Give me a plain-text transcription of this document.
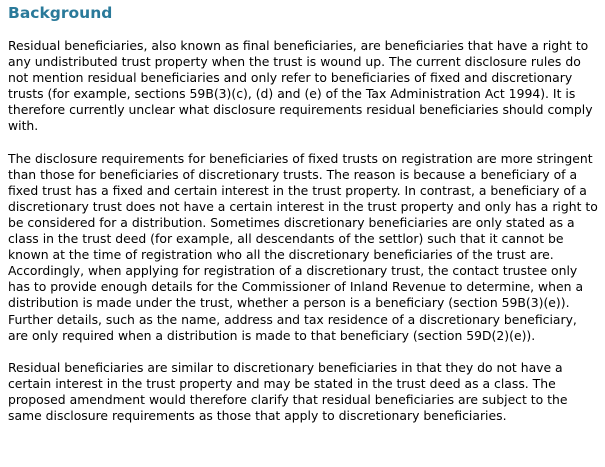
Background

Residual beneficiaries, also known as final beneficiaries, are beneficiaries that have a right to any undistributed trust property when the trust is wound up. The current disclosure rules do not mention residual beneficiaries and only refer to beneficiaries of fixed and discretionary trusts (for example, sections 59B(3)(c), (d) and (e) of the Tax Administration Act 1994). It is therefore currently unclear what disclosure requirements residual beneficiaries should comply with.

The disclosure requirements for beneficiaries of fixed trusts on registration are more stringent than those for beneficiaries of discretionary trusts. The reason is because a beneficiary of a fixed trust has a fixed and certain interest in the trust property. In contrast, a beneficiary of a discretionary trust does not have a certain interest in the trust property and only has a right to be considered for a distribution. Sometimes discretionary beneficiaries are only stated as a class in the trust deed (for example, all descendants of the settlor) such that it cannot be known at the time of registration who all the discretionary beneficiaries of the trust are. Accordingly, when applying for registration of a discretionary trust, the contact trustee only has to provide enough details for the Commissioner of Inland Revenue to determine, when a distribution is made under the trust, whether a person is a beneficiary (section 59B(3)(e)). Further details, such as the name, address and tax residence of a discretionary beneficiary, are only required when a distribution is made to that beneficiary (section 59D(2)(e)).

Residual beneficiaries are similar to discretionary beneficiaries in that they do not have a certain interest in the trust property and may be stated in the trust deed as a class. The proposed amendment would therefore clarify that residual beneficiaries are subject to the same disclosure requirements as those that apply to discretionary beneficiaries.
